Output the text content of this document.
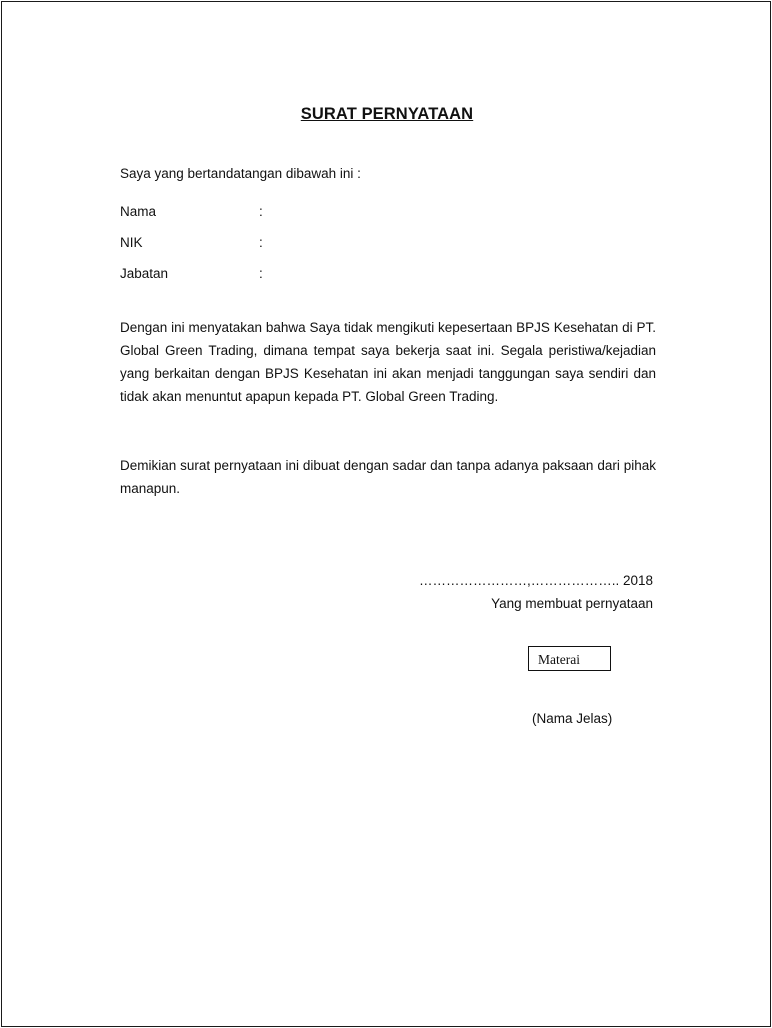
SURAT PERNYATAAN
Saya yang bertandatangan dibawah ini :
Nama	:
NIK	:
Jabatan	:

Dengan ini menyatakan bahwa Saya tidak mengikuti kepesertaan BPJS Kesehatan di PT. Global Green Trading, dimana tempat saya bekerja saat ini. Segala peristiwa/kejadian yang berkaitan dengan BPJS Kesehatan ini akan menjadi tanggungan saya sendiri dan tidak akan menuntut apapun kepada PT. Global Green Trading.

Demikian surat pernyataan ini dibuat dengan sadar dan tanpa adanya paksaan dari pihak manapun.

……………………,……………….. 2018
Yang membuat pernyataan
Materai
(Nama Jelas)
